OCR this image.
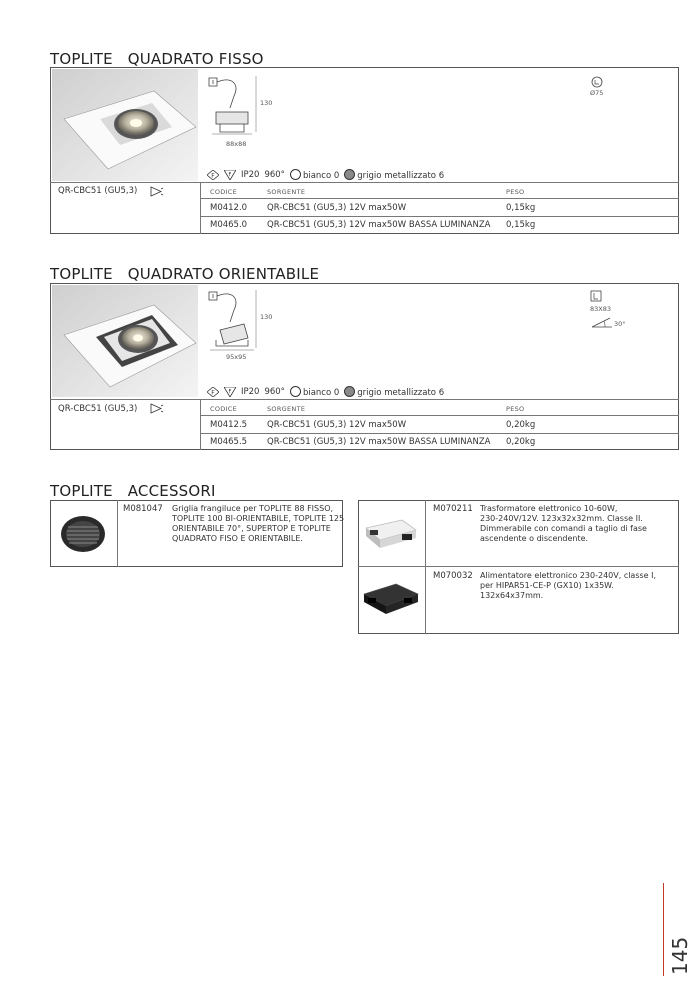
TOPLITE   QUADRATO FISSO
130
88x88
Ø75
F	F IP20 960°	bianco 0	grigio metallizzato 6
QR-CBC51 (GU5,3)	CODICE	SORGENTE	PESO
M0412.0 QR-CBC51 (GU5,3) 12V max50W	0,15kg
M0465.0 QR-CBC51 (GU5,3) 12V max50W BASSA LUMINANZA 0,15kg
TOPLITE   QUADRATO ORIENTABILE
130
95x95
83X83
30°
F	F IP20 960°	bianco 0	grigio metallizzato 6
QR-CBC51 (GU5,3)	CODICE	SORGENTE	PESO
M0412.5 QR-CBC51 (GU5,3) 12V max50W	0,20kg
M0465.5 QR-CBC51 (GU5,3) 12V max50W BASSA LUMINANZA 0,20kg
TOPLITE   ACCESSORI
M081047 Griglia frangiluce per TOPLITE 88 FISSO,
TOPLITE 100 BI-ORIENTABILE, TOPLITE 125
ORIENTABILE 70°, SUPERTOP E TOPLITE
QUADRATO FISO E ORIENTABILE.
M070211 Trasformatore elettronico 10-60W,
230-240V/12V. 123x32x32mm. Classe II.
Dimmerabile con comandi a taglio di fase
ascendente o discendente.
M070032 Alimentatore elettronico 230-240V, classe I,
per HIPAR51-CE-P (GX10) 1x35W.
132x64x37mm.
145
